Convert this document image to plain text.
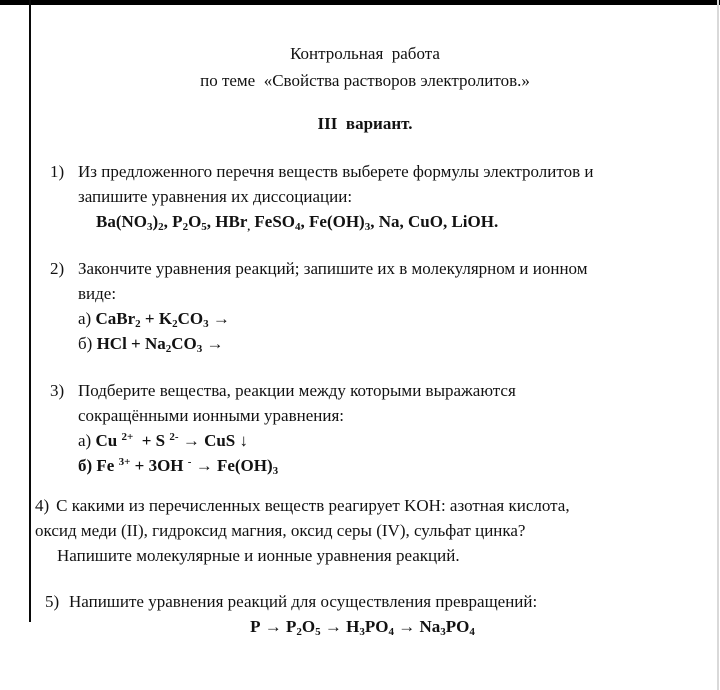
Контрольная  работа

по теме  «Свойства растворов электролитов.»

III  вариант.

1) Из предложенного перечня веществ выберете формулы электролитов и

запишите уравнения их диссоциации:

$Ba(NO_3)_2$, $P_2O_5$, HBr$_,$ FeSO$_4$, $Fe(OH)_3$, Na, CuO, LiOH.

2) Закончите уравнения реакций; запишите их в молекулярном и ионном

виде:

а) CaBr$_2$ + $K_2CO_3$ →

б) HCl + $Na_2CO_3$ →

3) Подберите вещества, реакции между которыми выражаются

сокращёнными ионными уравнения:

а) Cu $^{2+}$  + S $^{2-}$ → CuS ↓

б) Fe $^{3+}$ + 3OH $^- \to Fe(OH)_3$

4) С какими из перечисленных веществ реагирует KOH: азотная кислота,

оксид меди (II), гидроксид магния, оксид серы (IV), сульфат цинка?

Напишите молекулярные и ионные уравнения реакций.

5) Напишите уравнения реакций для осуществления превращений:

$P \to P_2O_5 \to H_3PO_4 \to Na_3PO_4$
